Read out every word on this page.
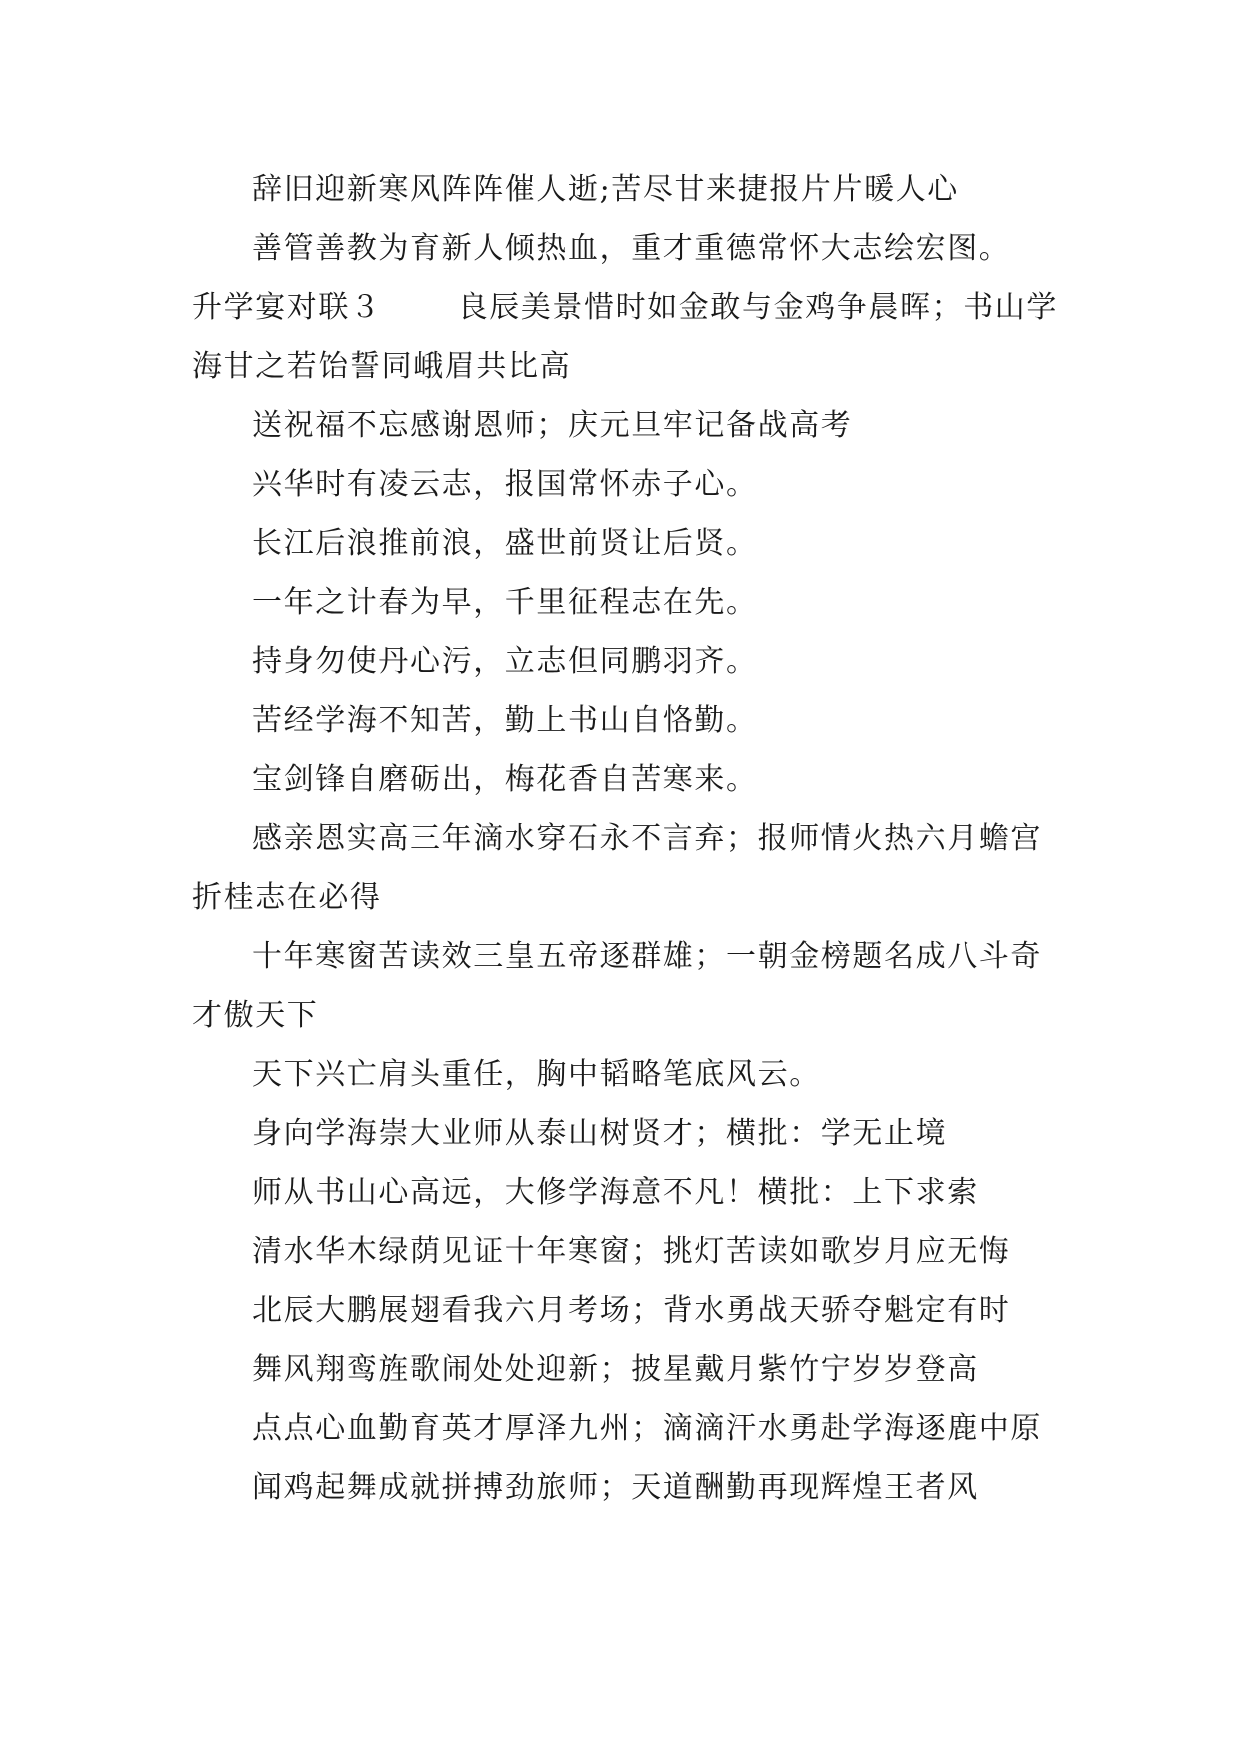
辞旧迎新寒风阵阵催人逝;苦尽甘来捷报片片暖人心

善管善教为育新人倾热血，重才重德常怀大志绘宏图。

升学宴对联３	良辰美景惜时如金敢与金鸡争晨晖；书山学海甘之若饴誓同峨眉共比高

送祝福不忘感谢恩师；庆元旦牢记备战高考

兴华时有凌云志，报国常怀赤子心。

长江后浪推前浪，盛世前贤让后贤。

一年之计春为早，千里征程志在先。

持身勿使丹心污，立志但同鹏羽齐。

苦经学海不知苦，勤上书山自恪勤。

宝剑锋自磨砺出，梅花香自苦寒来。

感亲恩实高三年滴水穿石永不言弃；报师情火热六月蟾宫折桂志在必得

十年寒窗苦读效三皇五帝逐群雄；一朝金榜题名成八斗奇才傲天下

天下兴亡肩头重任，胸中韬略笔底风云。

身向学海崇大业师从泰山树贤才；横批：学无止境

师从书山心高远，大修学海意不凡！横批：上下求索

清水华木绿荫见证十年寒窗；挑灯苦读如歌岁月应无悔

北辰大鹏展翅看我六月考场；背水勇战天骄夺魁定有时

舞风翔鸾旌歌闹处处迎新；披星戴月紫竹宁岁岁登高

点点心血勤育英才厚泽九州；滴滴汗水勇赴学海逐鹿中原

闻鸡起舞成就拼搏劲旅师；天道酬勤再现辉煌王者风
